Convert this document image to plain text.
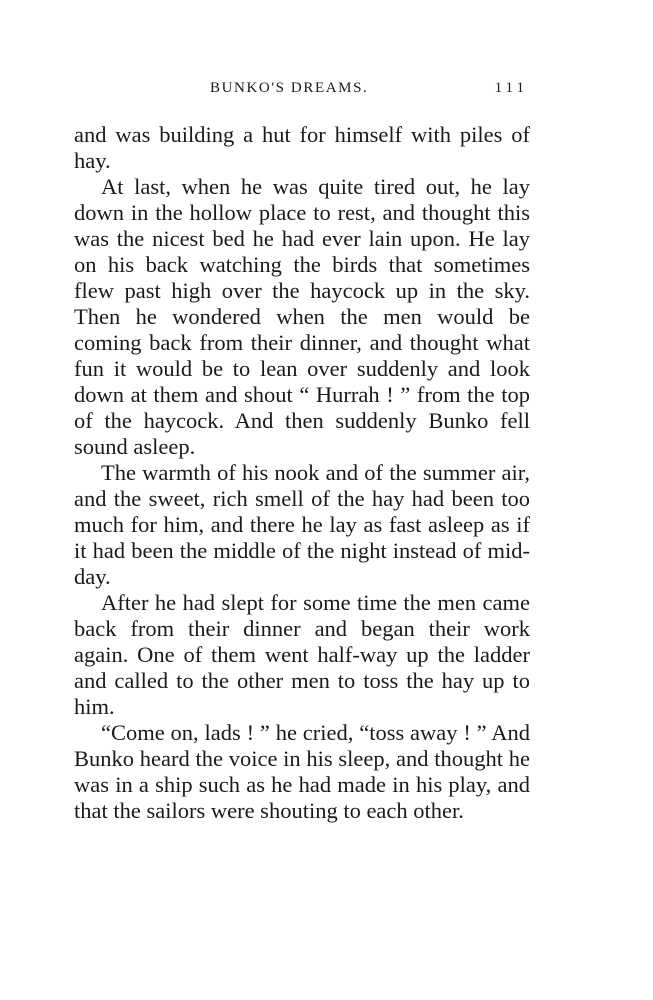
BUNKO'S DREAMS.	111

and was building a hut for himself with piles of hay.

At last, when he was quite tired out, he lay down in the hollow place to rest, and thought this was the nicest bed he had ever lain upon. He lay on his back watching the birds that sometimes flew past high over the haycock up in the sky. Then he wondered when the men would be coming back from their dinner, and thought what fun it would be to lean over suddenly and look down at them and shout “ Hurrah ! ” from the top of the haycock. And then suddenly Bunko fell sound asleep.

The warmth of his nook and of the summer air, and the sweet, rich smell of the hay had been too much for him, and there he lay as fast asleep as if it had been the middle of the night instead of mid-day.

After he had slept for some time the men came back from their dinner and began their work again. One of them went half-way up the ladder and called to the other men to toss the hay up to him.

“Come on, lads ! ” he cried, “toss away ! ” And Bunko heard the voice in his sleep, and thought he was in a ship such as he had made in his play, and that the sailors were shouting to each other.
